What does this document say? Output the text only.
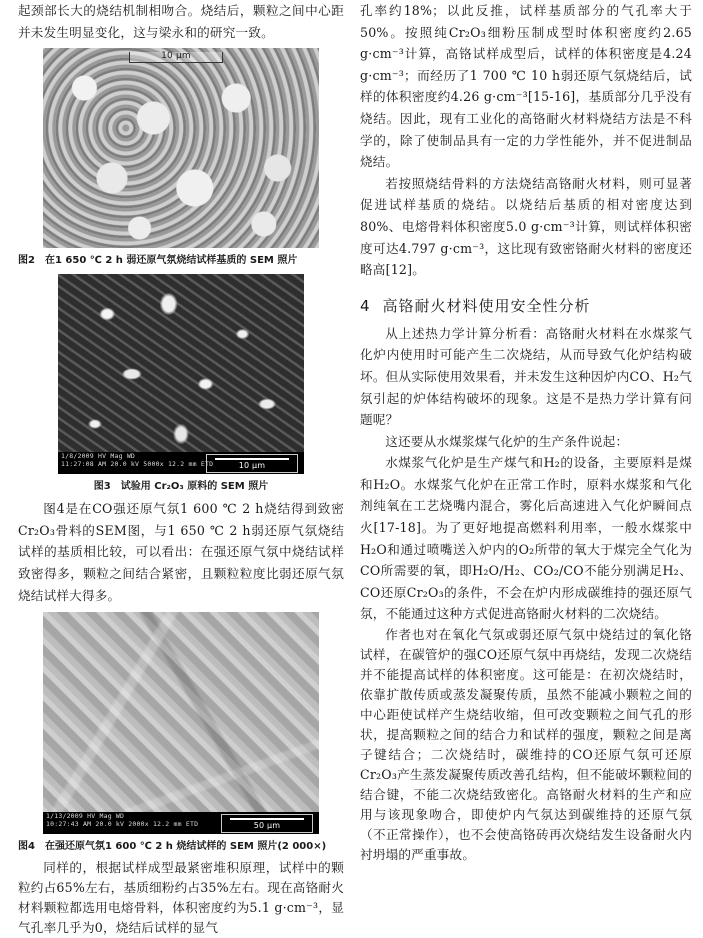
起颈部长大的烧结机制相吻合。烧结后，颗粒之间中心距并未发生明显变化，这与梁永和的研究一致。

10 μm
图2　在1 650 ℃ 2 h 弱还原气氛烧结试样基质的 SEM 照片
1/8/2009 HV Mag WD
11:27:08 AM 20.0 kV 5000x 12.2 mm ETD	10 μm
图3　试验用 Cr₂O₃ 原料的 SEM 照片

图4是在CO强还原气氛1 600 ℃ 2 h烧结得到致密Cr₂O₃骨料的SEM图，与1 650 ℃ 2 h弱还原气氛烧结试样的基质相比较，可以看出：在强还原气氛中烧结试样致密得多，颗粒之间结合紧密，且颗粒粒度比弱还原气氛烧结试样大得多。

1/13/2009 HV Mag WD
10:27:43 AM 20.0 kV 2000x 12.2 mm ETD	50 μm
图4　在强还原气氛1 600 ℃ 2 h 烧结试样的 SEM 照片(2 000×)

同样的，根据试样成型最紧密堆积原理，试样中的颗粒约占65%左右，基质细粉约占35%左右。现在高铬耐火材料颗粒都选用电熔骨料，体积密度约为5.1 g·cm⁻³，显气孔率几乎为0，烧结后试样的显气

孔率约18%；以此反推，试样基质部分的气孔率大于50%。按照纯Cr₂O₃细粉压制成型时体积密度约2.65 g·cm⁻³计算，高铬试样成型后，试样的体积密度是4.24 g·cm⁻³；而经历了1 700 ℃ 10 h弱还原气氛烧结后，试样的体积密度约4.26 g·cm⁻³[15-16]，基质部分几乎没有烧结。因此，现有工业化的高铬耐火材料烧结方法是不科学的，除了使制品具有一定的力学性能外，并不促进制品烧结。

若按照烧结骨料的方法烧结高铬耐火材料，则可显著促进试样基质的烧结。以烧结后基质的相对密度达到80%、电熔骨料体积密度5.0 g·cm⁻³计算，则试样体积密度可达4.797 g·cm⁻³，这比现有致密铬耐火材料的密度还略高[12]。

4 高铬耐火材料使用安全性分析

从上述热力学计算分析看：高铬耐火材料在水煤浆气化炉内使用时可能产生二次烧结，从而导致气化炉结构破坏。但从实际使用效果看，并未发生这种因炉内CO、H₂气氛引起的炉体结构破坏的现象。这是不是热力学计算有问题呢？

这还要从水煤浆煤气化炉的生产条件说起：

水煤浆气化炉是生产煤气和H₂的设备，主要原料是煤和H₂O。水煤浆气化炉在正常工作时，原料水煤浆和气化剂纯氧在工艺烧嘴内混合，雾化后高速进入气化炉瞬间点火[17-18]。为了更好地提高燃料利用率，一般水煤浆中H₂O和通过喷嘴送入炉内的O₂所带的氧大于煤完全气化为CO所需要的氧，即H₂O/H₂、CO₂/CO不能分别满足H₂、CO还原Cr₂O₃的条件，不会在炉内形成碳维持的强还原气氛，不能通过这种方式促进高铬耐火材料的二次烧结。

作者也对在氧化气氛或弱还原气氛中烧结过的氧化铬试样，在碳管炉的强CO还原气氛中再烧结，发现二次烧结并不能提高试样的体积密度。这可能是：在初次烧结时，依靠扩散传质或蒸发凝聚传质，虽然不能减小颗粒之间的中心距使试样产生烧结收缩，但可改变颗粒之间气孔的形状，提高颗粒之间的结合力和试样的强度，颗粒之间是离子键结合；二次烧结时，碳维持的CO还原气氛可还原Cr₂O₃产生蒸发凝聚传质改善孔结构，但不能破坏颗粒间的结合键，不能二次烧结致密化。高铬耐火材料的生产和应用与该现象吻合，即使炉内气氛达到碳维持的还原气氛（不正常操作），也不会使高铬砖再次烧结发生设备耐火内衬坍塌的严重事故。
